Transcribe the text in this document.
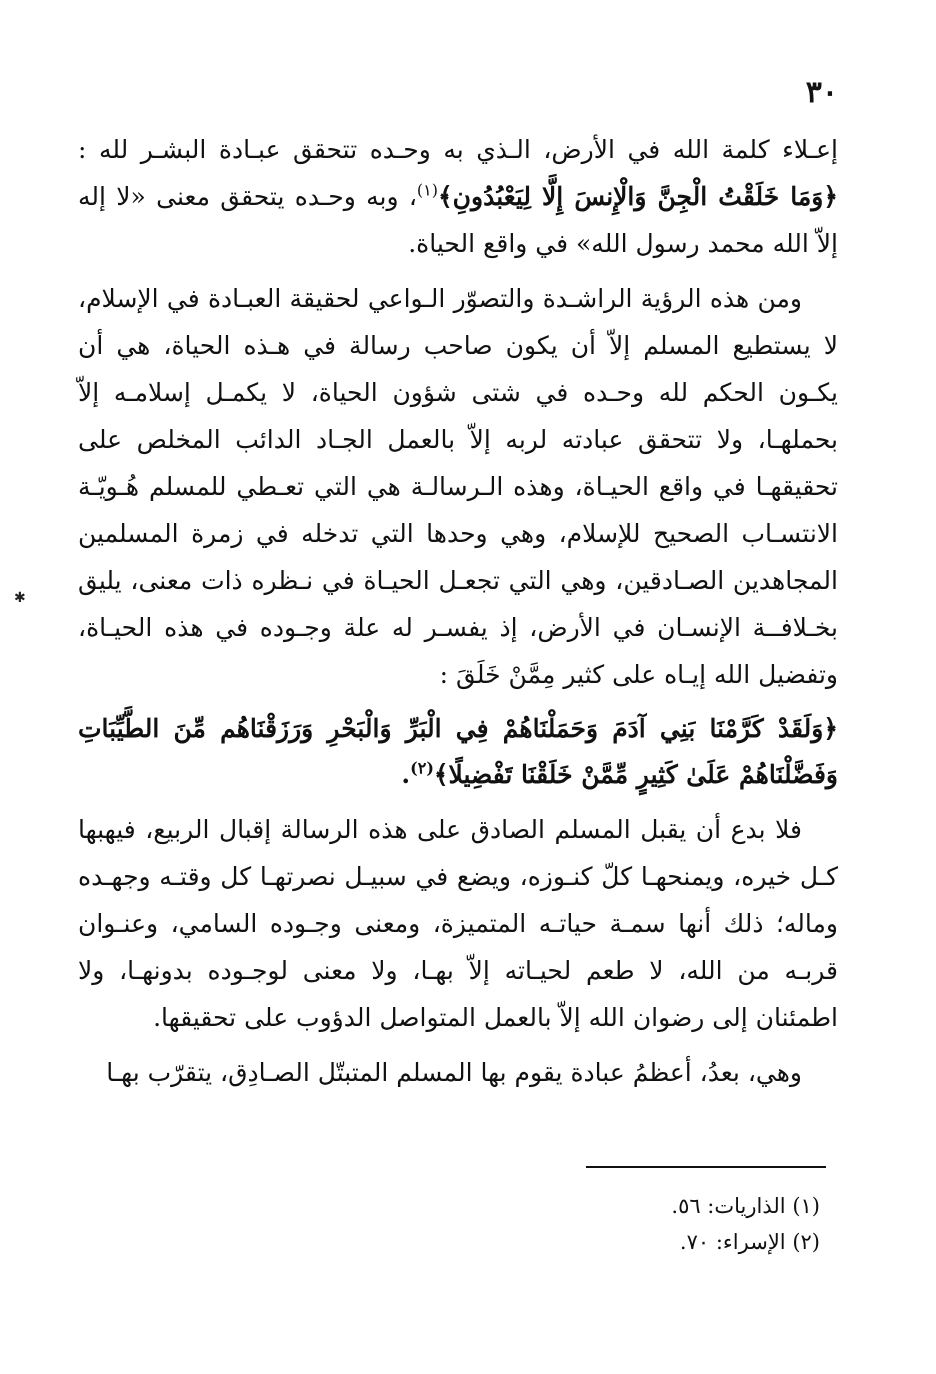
٣٠

إعـلاء كلمة الله في الأرض، الـذي به وحـده تتحقق عبـادة البشـر لله : ﴿وَمَا خَلَقْتُ الْجِنَّ وَالْإِنسَ إِلَّا لِيَعْبُدُونِ﴾$^{(١)}$، وبه وحـده يتحقق معنى «لا إله إلاّ الله محمد رسول الله» في واقع الحياة.

ومن هذه الرؤية الراشـدة والتصوّر الـواعي لحقيقة العبـادة في الإسلام، لا يستطيع المسلم إلاّ أن يكون صاحب رسالة في هـذه الحياة، هي أن يكـون الحكم لله وحـده في شتى شؤون الحياة، لا يكمـل إسلامـه إلاّ بحملهـا، ولا تتحقق عبادته لربه إلاّ بالعمل الجـاد الدائب المخلص على تحقيقهـا في واقع الحيـاة، وهذه الـرسالـة هي التي تعـطي للمسلم هُـويّـة الانتسـاب الصحيح للإسلام، وهي وحدها التي تدخله في زمرة المسلمين المجاهدين الصـادقين، وهي التي تجعـل الحيـاة في نـظره ذات معنى، يليق بخـلافــة الإنسـان في الأرض، إذ يفسـر له علة وجـوده في هذه الحيـاة، وتفضيل الله إيـاه على كثير مِمَّنْ خَلَقَ :

﴿وَلَقَدْ كَرَّمْنَا بَنِي آدَمَ وَحَمَلْنَاهُمْ فِي الْبَرِّ وَالْبَحْرِ وَرَزَقْنَاهُم مِّنَ الطَّيِّبَاتِ وَفَضَّلْنَاهُمْ عَلَىٰ كَثِيرٍ مِّمَّنْ خَلَقْنَا تَفْضِيلًا﴾$^{(٢)}$.

فلا بدع أن يقبل المسلم الصادق على هذه الرسالة إقبال الربيع، فيهبها كـل خيره، ويمنحهـا كلّ كنـوزه، ويضع في سبيـل نصرتهـا كل وقتـه وجهـده وماله؛ ذلك أنها سمـة حياتـه المتميزة، ومعنى وجـوده السامي، وعنـوان قربـه من الله، لا طعم لحيـاته إلاّ بهـا، ولا معنى لوجـوده بدونهـا، ولا اطمئنان إلى رضوان الله إلاّ بالعمل المتواصل الدؤوب على تحقيقها.

وهي، بعدُ، أعظمُ عبادة يقوم بها المسلم المتبتّل الصـادِق، يتقرّب بهـا

(١) الذاريات: ٥٦.

(٢) الإسراء: ٧٠.

✱
